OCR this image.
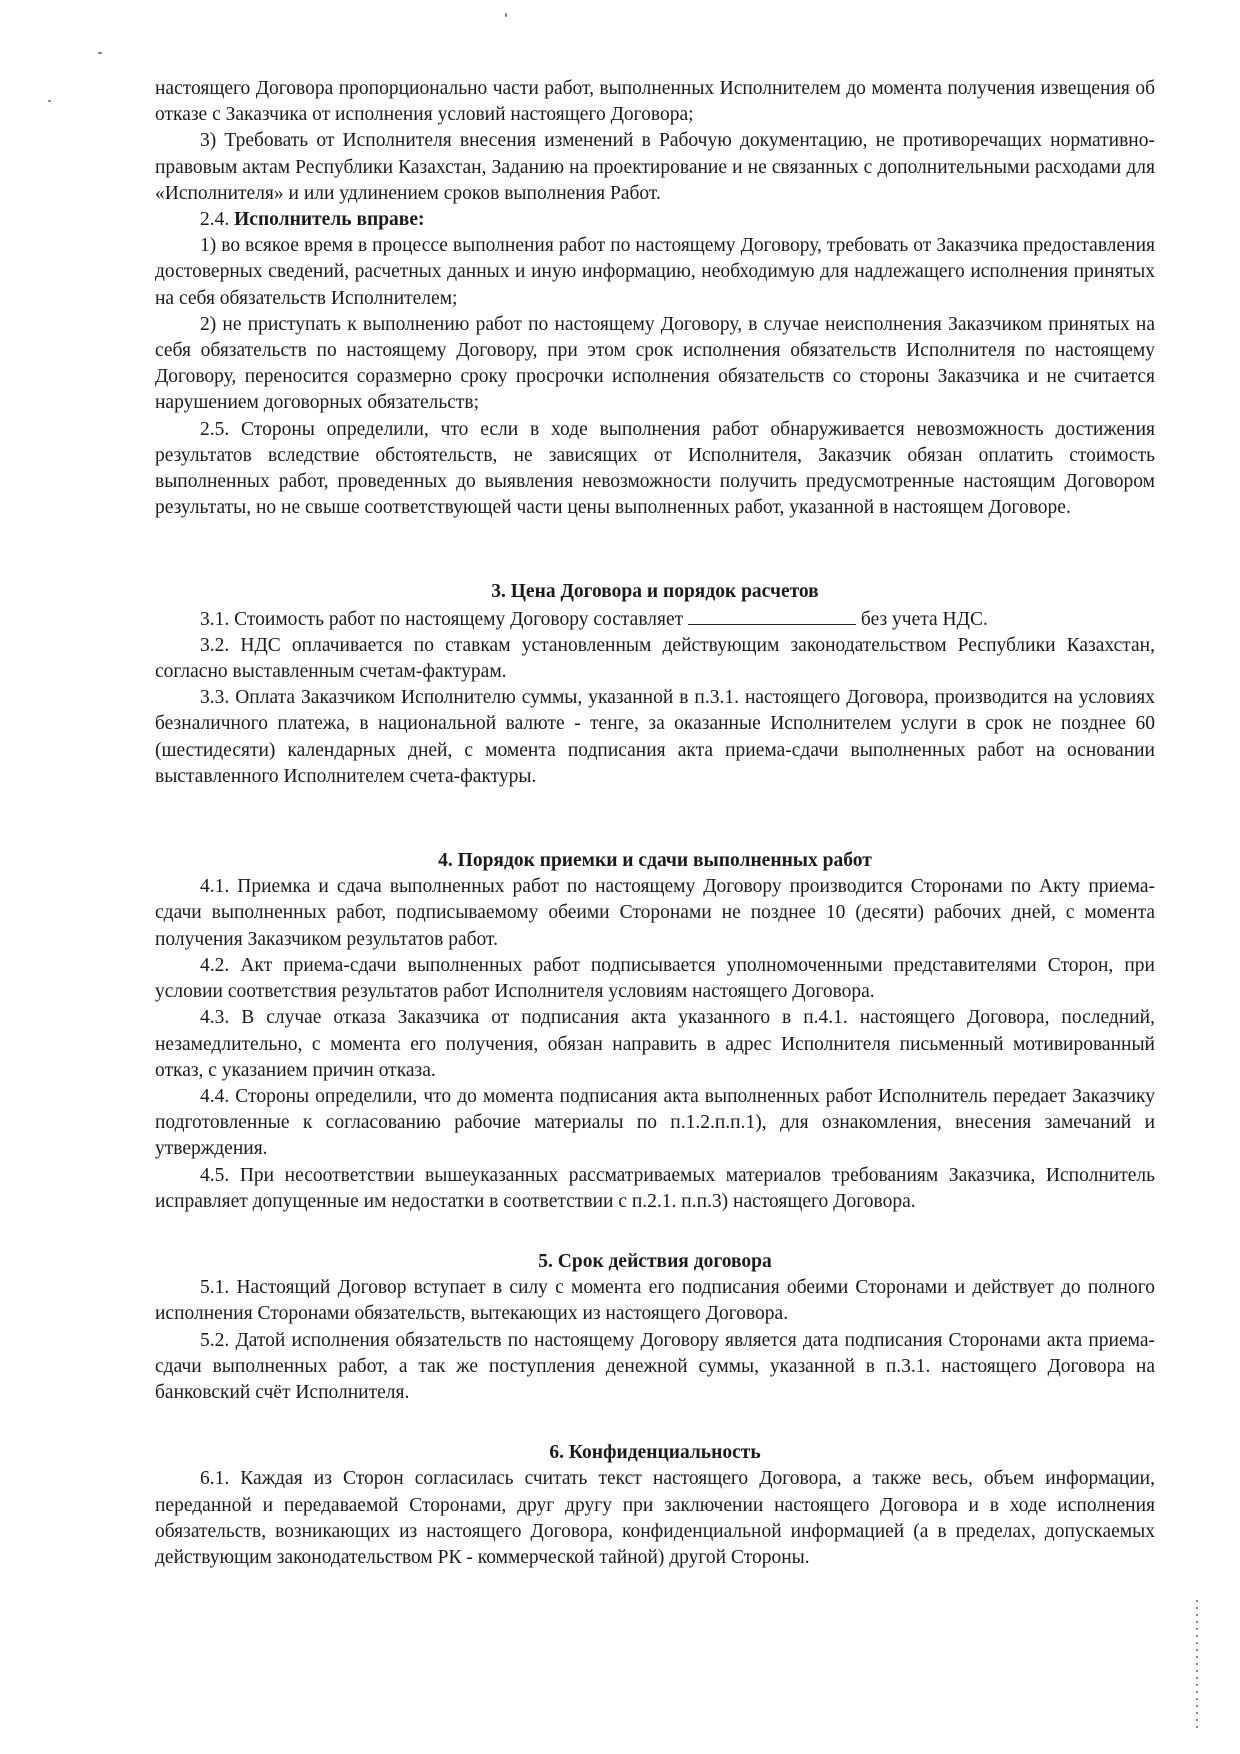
настоящего Договора пропорционально части работ, выполненных Исполнителем до момента получения извещения об отказе с Заказчика от исполнения условий настоящего Договора;

3) Требовать от Исполнителя внесения изменений в Рабочую документацию, не противоречащих нормативно-правовым актам Республики Казахстан, Заданию на проектирование и не связанных с дополнительными расходами для «Исполнителя» и или удлинением сроков выполнения Работ.

2.4. Исполнитель вправе:

1) во всякое время в процессе выполнения работ по настоящему Договору, требовать от Заказчика предоставления достоверных сведений, расчетных данных и иную информацию, необходимую для надлежащего исполнения принятых на себя обязательств Исполнителем;

2) не приступать к выполнению работ по настоящему Договору, в случае неисполнения Заказчиком принятых на себя обязательств по настоящему Договору, при этом срок исполнения обязательств Исполнителя по настоящему Договору, переносится соразмерно сроку просрочки исполнения обязательств со стороны Заказчика и не считается нарушением договорных обязательств;

2.5. Стороны определили, что если в ходе выполнения работ обнаруживается невозможность достижения результатов вследствие обстоятельств, не зависящих от Исполнителя, Заказчик обязан оплатить стоимость выполненных работ, проведенных до выявления невозможности получить предусмотренные настоящим Договором результаты, но не свыше соответствующей части цены выполненных работ, указанной в настоящем Договоре.

3. Цена Договора и порядок расчетов

3.1. Стоимость работ по настоящему Договору составляет	без учета НДС.

3.2. НДС оплачивается по ставкам установленным действующим законодательством Республики Казахстан, согласно выставленным счетам-фактурам.

3.3. Оплата Заказчиком Исполнителю суммы, указанной в п.3.1. настоящего Договора, производится на условиях безналичного платежа, в национальной валюте - тенге, за оказанные Исполнителем услуги в срок не позднее 60 (шестидесяти) календарных дней, с момента подписания акта приема-сдачи выполненных работ на основании выставленного Исполнителем счета-фактуры.

4. Порядок приемки и сдачи выполненных работ

4.1. Приемка и сдача выполненных работ по настоящему Договору производится Сторонами по Акту приема-сдачи выполненных работ, подписываемому обеими Сторонами не позднее 10 (десяти) рабочих дней, с момента получения Заказчиком результатов работ.

4.2. Акт приема-сдачи выполненных работ подписывается уполномоченными представителями Сторон, при условии соответствия результатов работ Исполнителя условиям настоящего Договора.

4.3. В случае отказа Заказчика от подписания акта указанного в п.4.1. настоящего Договора, последний, незамедлительно, с момента его получения, обязан направить в адрес Исполнителя письменный мотивированный отказ, с указанием причин отказа.

4.4. Стороны определили, что до момента подписания акта выполненных работ Исполнитель передает Заказчику подготовленные к согласованию рабочие материалы по п.1.2.п.п.1), для ознакомления, внесения замечаний и утверждения.

4.5. При несоответствии вышеуказанных рассматриваемых материалов требованиям Заказчика, Исполнитель исправляет допущенные им недостатки в соответствии с п.2.1. п.п.3) настоящего Договора.

5. Срок действия договора

5.1. Настоящий Договор вступает в силу с момента его подписания обеими Сторонами и действует до полного исполнения Сторонами обязательств, вытекающих из настоящего Договора.

5.2. Датой исполнения обязательств по настоящему Договору является дата подписания Сторонами акта приема-сдачи выполненных работ, а так же поступления денежной суммы, указанной в п.3.1. настоящего Договора на банковский счёт Исполнителя.

6. Конфиденциальность

6.1. Каждая из Сторон согласилась считать текст настоящего Договора, а также весь, объем информации, переданной и передаваемой Сторонами, друг другу при заключении настоящего Договора и в ходе исполнения обязательств, возникающих из настоящего Договора, конфиденциальной информацией (а в пределах, допускаемых действующим законодательством РК - коммерческой тайной) другой Стороны.
